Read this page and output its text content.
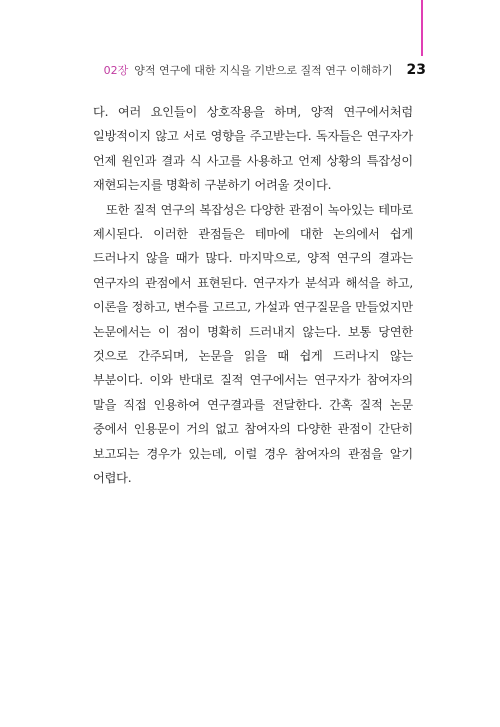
02장 양적 연구에 대한 지식을 기반으로 질적 연구 이해하기 23

다. 여러 요인들이 상호작용을 하며, 양적 연구에서처럼 일방적이지 않고 서로 영향을 주고받는다. 독자들은 연구자가 언제 원인과 결과 식 사고를 사용하고 언제 상황의 특잡성이 재현되는지를 명확히 구분하기 어려울 것이다.

또한 질적 연구의 복잡성은 다양한 관점이 녹아있는 테마로 제시된다. 이러한 관점들은 테마에 대한 논의에서 쉽게 드러나지 않을 때가 많다. 마지막으로, 양적 연구의 결과는 연구자의 관점에서 표현된다. 연구자가 분석과 해석을 하고, 이론을 정하고, 변수를 고르고, 가설과 연구질문을 만들었지만 논문에서는 이 점이 명확히 드러내지 않는다. 보통 당연한 것으로 간주되며, 논문을 읽을 때 쉽게 드러나지 않는 부분이다. 이와 반대로 질적 연구에서는 연구자가 참여자의 말을 직접 인용하여 연구결과를 전달한다. 간혹 질적 논문 중에서 인용문이 거의 없고 참여자의 다양한 관점이 간단히 보고되는 경우가 있는데, 이럴 경우 참여자의 관점을 알기 어렵다.
